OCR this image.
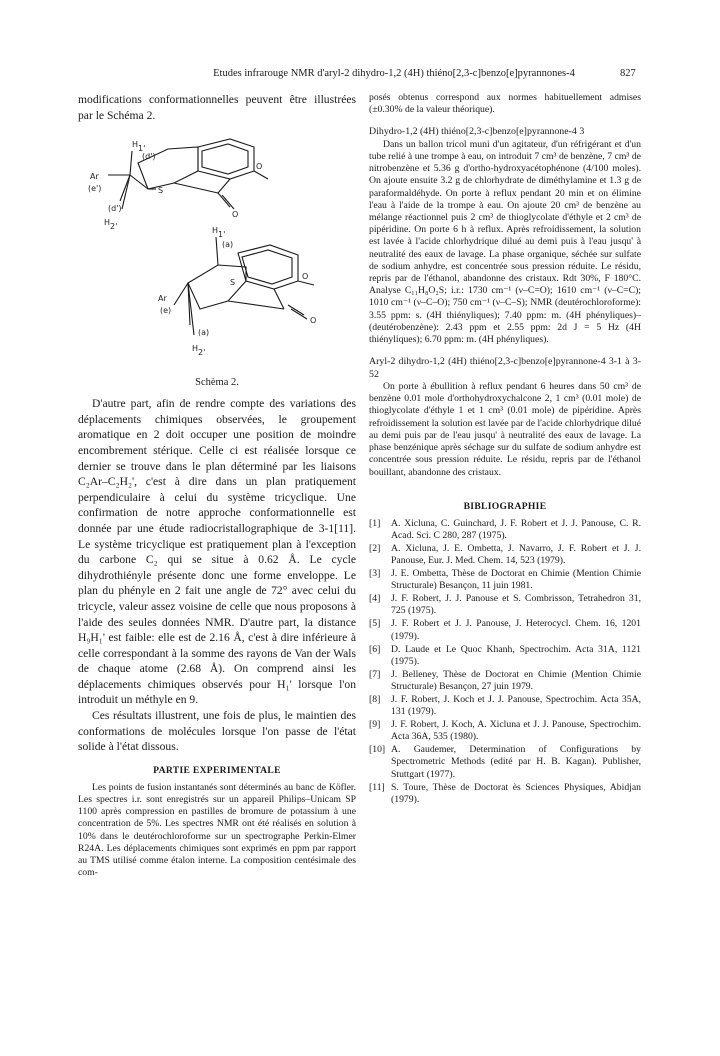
Etudes infrarouge NMR d'aryl-2 dihydro-1,2 (4H) thiéno[2,3-c]benzo[e]pyrannones-4	827

modifications conformationnelles peuvent être illustrées par le Schéma 2.

H 1'
(d')
Ar
(e')
(d')
H 2'
O
S
O
H 1'
(a)
O
S
O
Ar
(e)
(a)
H 2'
Schèma 2.

D'autre part, afin de rendre compte des variations des déplacements chimiques observées, le groupement aromatique en 2 doit occuper une position de moindre encombrement stérique. Celle ci est réalisée lorsque ce dernier se trouve dans le plan déterminé par les liaisons C₂Ar–C₂H₂', c'est à dire dans un plan pratiquement perpendiculaire à celui du système tricyclique. Une confirmation de notre approche conformationnelle est donnée par une étude radiocristallographique de 3-1[11]. Le système tricyclique est pratiquement plan à l'exception du carbone C₂ qui se situe à 0.62 Å. Le cycle dihydrothiényle présente donc une forme enveloppe. Le plan du phényle en 2 fait une angle de 72° avec celui du tricycle, valeur assez voisine de celle que nous proposons à l'aide des seules données NMR. D'autre part, la distance H₉H₁' est faible: elle est de 2.16 Å, c'est à dire inférieure à celle correspondant à la somme des rayons de Van der Wals de chaque atome (2.68 Å). On comprend ainsi les déplacements chimiques observés pour H₁' lorsque l'on introduit un méthyle en 9.

Ces résultats illustrent, une fois de plus, le maintien des conformations de molécules lorsque l'on passe de l'état solide à l'état dissous.

PARTIE EXPERIMENTALE

Les points de fusion instantanés sont déterminés au banc de Köfler. Les spectres i.r. sont enregistrés sur un appareil Philips–Unicam SP 1100 après compression en pastilles de bromure de potassium à une concentration de 5%. Les spectres NMR ont été réalisés en solution à 10% dans le deutérochloroforme sur un spectrographe Perkin-Elmer R24A. Les déplacements chimiques sont exprimés en ppm par rapport au TMS utilisé comme étalon interne. La composition centésimale des com-

posés obtenus correspond aux normes habituellement admises (±0.30% de la valeur théorique).

Dihydro-1,2 (4H) thiéno[2,3-c]benzo[e]pyrannone-4 3

Dans un ballon tricol muni d'un agitateur, d'un réfrigérant et d'un tube relié à une trompe à eau, on introduit 7 cm³ de benzène, 7 cm³ de nitrobenzène et 5.36 g d'ortho-hydroxyacétophénone (4/100 moles). On ajoute ensuite 3.2 g de chlorhydrate de diméthylamine et 1.3 g de paraformaldéhyde. On porte à reflux pendant 20 min et on élimine l'eau à l'aide de la trompe à eau. On ajoute 20 cm³ de benzène au mélange réactionnel puis 2 cm³ de thioglycolate d'éthyle et 2 cm³ de pipéridine. On porte 6 h à reflux. Après refroidissement, la solution est lavée à l'acide chlorhydrique dilué au demi puis à l'eau jusqu' à neutralité des eaux de lavage. La phase organique, séchée sur sulfate de sodium anhydre, est concentrée sous pression réduite. Le résidu, repris par de l'éthanol, abandonne des cristaux. Rdt 30%, F 180°C. Analyse C₁₁H₈O₂S; i.r.: 1730 cm⁻¹ (ν–C=O); 1610 cm⁻¹ (ν–C=C); 1010 cm⁻¹ (ν–C–O); 750 cm⁻¹ (ν–C–S); NMR (deutérochloroforme): 3.55 ppm: s. (4H thiényliques); 7.40 ppm: m. (4H phényliques)–(deutérobenzène): 2.43 ppm et 2.55 ppm: 2d J = 5 Hz (4H thiényliques); 6.70 ppm: m. (4H phényliques).

Aryl-2 dihydro-1,2 (4H) thiéno[2,3-c]benzo[e]pyrannone-4 3-1 à 3-52

On porte à ébullition à reflux pendant 6 heures dans 50 cm³ de benzène 0.01 mole d'orthohydroxychalcone 2, 1 cm³ (0.01 mole) de thioglycolate d'éthyle 1 et 1 cm³ (0.01 mole) de pipéridine. Après refroidissement la solution est lavée par de l'acide chlorhydrique dilué au demi puis par de l'eau jusqu' à neutralité des eaux de lavage. La phase benzénique après séchage sur du sulfate de sodium anhydre est concentrée sous pression réduite. Le résidu, repris par de l'éthanol bouillant, abandonne des cristaux.

BIBLIOGRAPHIE
[1] A. Xicluna, C. Guinchard, J. F. Robert et J. J. Panouse, C. R. Acad. Sci. C 280, 287 (1975).
[2] A. Xicluna, J. E. Ombetta, J. Navarro, J. F. Robert et J. J. Panouse, Eur. J. Med. Chem. 14, 523 (1979).
[3] J. E. Ombetta, Thèse de Doctorat en Chimie (Mention Chimie Structurale) Besançon, 11 juin 1981.
[4] J. F. Robert, J. J. Panouse et S. Combrisson, Tetrahedron 31, 725 (1975).
[5] J. F. Robert et J. J. Panouse, J. Heterocycl. Chem. 16, 1201 (1979).
[6] D. Laude et Le Quoc Khanh, Spectrochim. Acta 31A, 1121 (1975).
[7] J. Belleney, Thèse de Doctorat en Chimie (Mention Chimie Structurale) Besançon, 27 juin 1979.
[8] J. F. Robert, J. Koch et J. J. Panouse, Spectrochim. Acta 35A, 131 (1979).
[9] J. F. Robert, J. Koch, A. Xicluna et J. J. Panouse, Spectrochim. Acta 36A, 535 (1980).
[10] A. Gaudemer, Determination of Configurations by Spectrometric Methods (edité par H. B. Kagan). Publisher, Stuttgart (1977).
[11] S. Toure, Thèse de Doctorat ès Sciences Physiques, Abidjan (1979).
